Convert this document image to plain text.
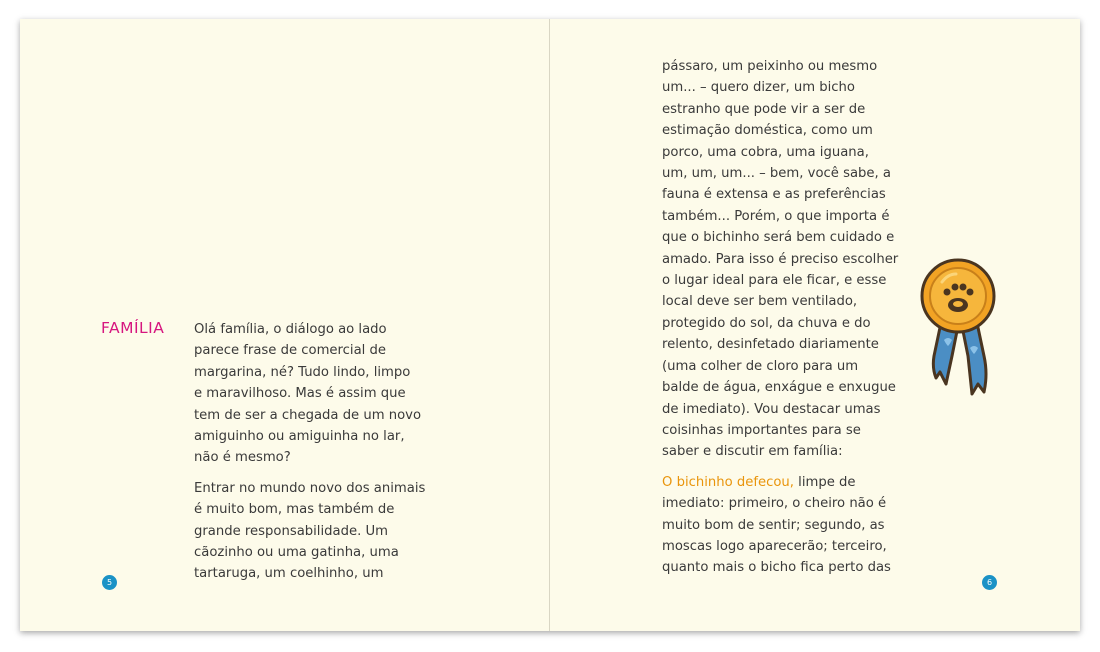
FAMÍLIA Olá família, o diálogo ao lado
parece frase de comercial de
margarina, né? Tudo lindo, limpo
e maravilhoso. Mas é assim que
tem de ser a chegada de um novo
amiguinho ou amiguinha no lar,
não é mesmo?

Entrar no mundo novo dos animais
é muito bom, mas também de
grande responsabilidade. Um
cãozinho ou uma gatinha, uma
tartaruga, um coelhinho, um

5

pássaro, um peixinho ou mesmo
um... – quero dizer, um bicho
estranho que pode vir a ser de
estimação doméstica, como um
porco, uma cobra, uma iguana,
um, um, um... – bem, você sabe, a
fauna é extensa e as preferências
também... Porém, o que importa é
que o bichinho será bem cuidado e
amado. Para isso é preciso escolher
o lugar ideal para ele ficar, e esse
local deve ser bem ventilado,
protegido do sol, da chuva e do
relento, desinfetado diariamente
(uma colher de cloro para um
balde de água, enxágue e enxugue
de imediato). Vou destacar umas
coisinhas importantes para se
saber e discutir em família:

O bichinho defecou, limpe de
imediato: primeiro, o cheiro não é
muito bom de sentir; segundo, as
moscas logo aparecerão; terceiro,
quanto mais o bicho fica perto das

6
